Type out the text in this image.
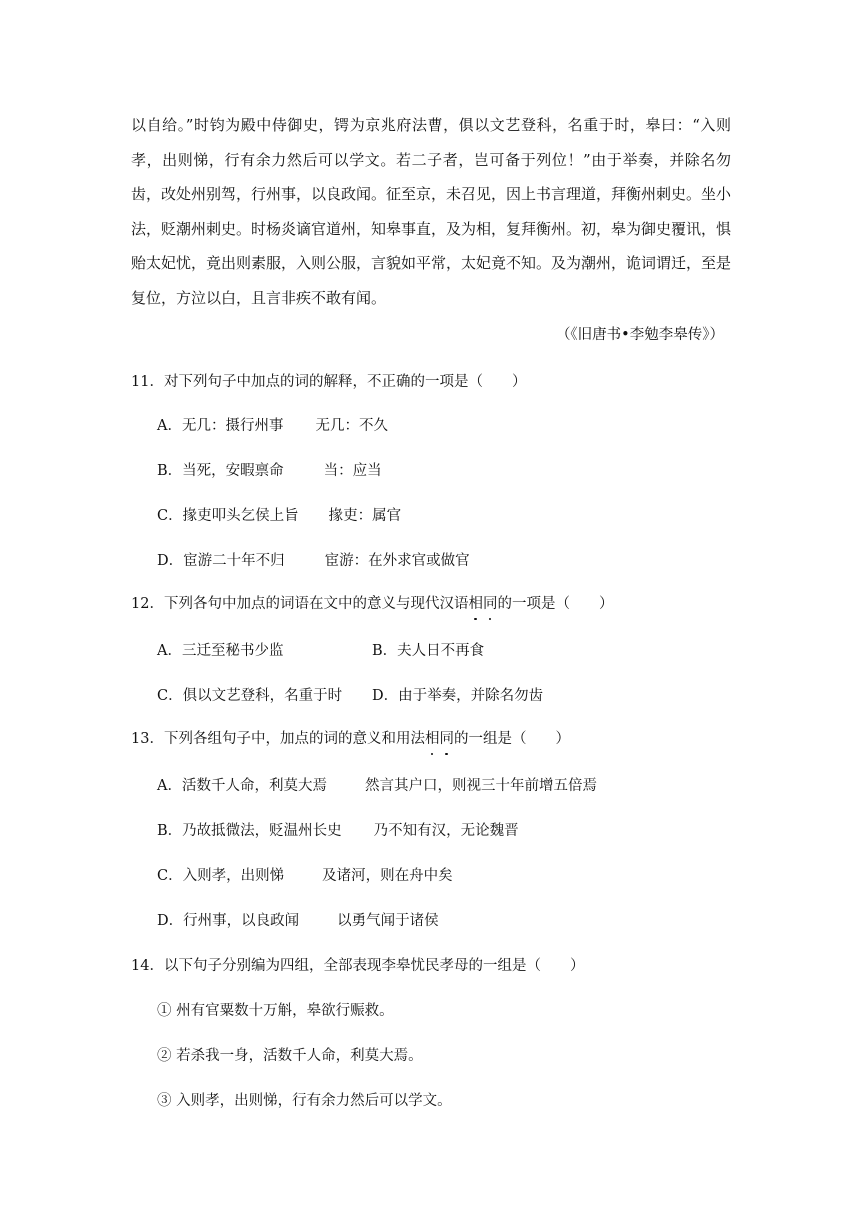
以自给。”时钧为殿中侍御史，锷为京兆府法曹，俱以文艺登科，名重于时，皋曰：“入则孝，出则悌，行有余力然后可以学文。若二子者，岂可备于列位！”由于举奏，并除名勿齿，改处州别驾，行州事，以良政闻。征至京，未召见，因上书言理道，拜衡州刺史。坐小法，贬潮州刺史。时杨炎谪官道州，知皋事直，及为相，复拜衡州。初，皋为御史覆讯，惧贻太妃忧，竟出则素服，入则公服，言貌如平常，太妃竟不知。及为潮州，诡词谓迁，至是复位，方泣以白，且言非疾不敢有闻。

（《旧唐书•李勉李皋传》）
11．对下列句子中加点的词的解释，不正确的一项是（　　）
A．无几：摄行州事 无几：不久
B．当死，安暇禀命	当：应当
C．掾吏叩头乞侯上旨 掾吏：属官
D．宦游二十年不归	宦游：在外求官或做官
12．下列各句中加点的词语在文中的意义与现代汉语相同的一项是（　　）
A．三迁至秘书少监	B．夫人日不再食
C．俱以文艺登科，名重于时 D．由于举奏，并除名勿齿
13．下列各组句子中，加点的词的意义和用法相同的一组是（　　）
A．活数千人命，利莫大焉	然言其户口，则视三十年前增五倍焉
B．乃故抵微法，贬温州长史 乃不知有汉，无论魏晋
C．入则孝，出则悌	及诸河，则在舟中矣
D．行州事，以良政闻	以勇气闻于诸侯
14．以下句子分别编为四组，全部表现李皋忧民孝母的一组是（　　）
① 州有官粟数十万斛，皋欲行赈救。
② 若杀我一身，活数千人命，利莫大焉。
③ 入则孝，出则悌，行有余力然后可以学文。
